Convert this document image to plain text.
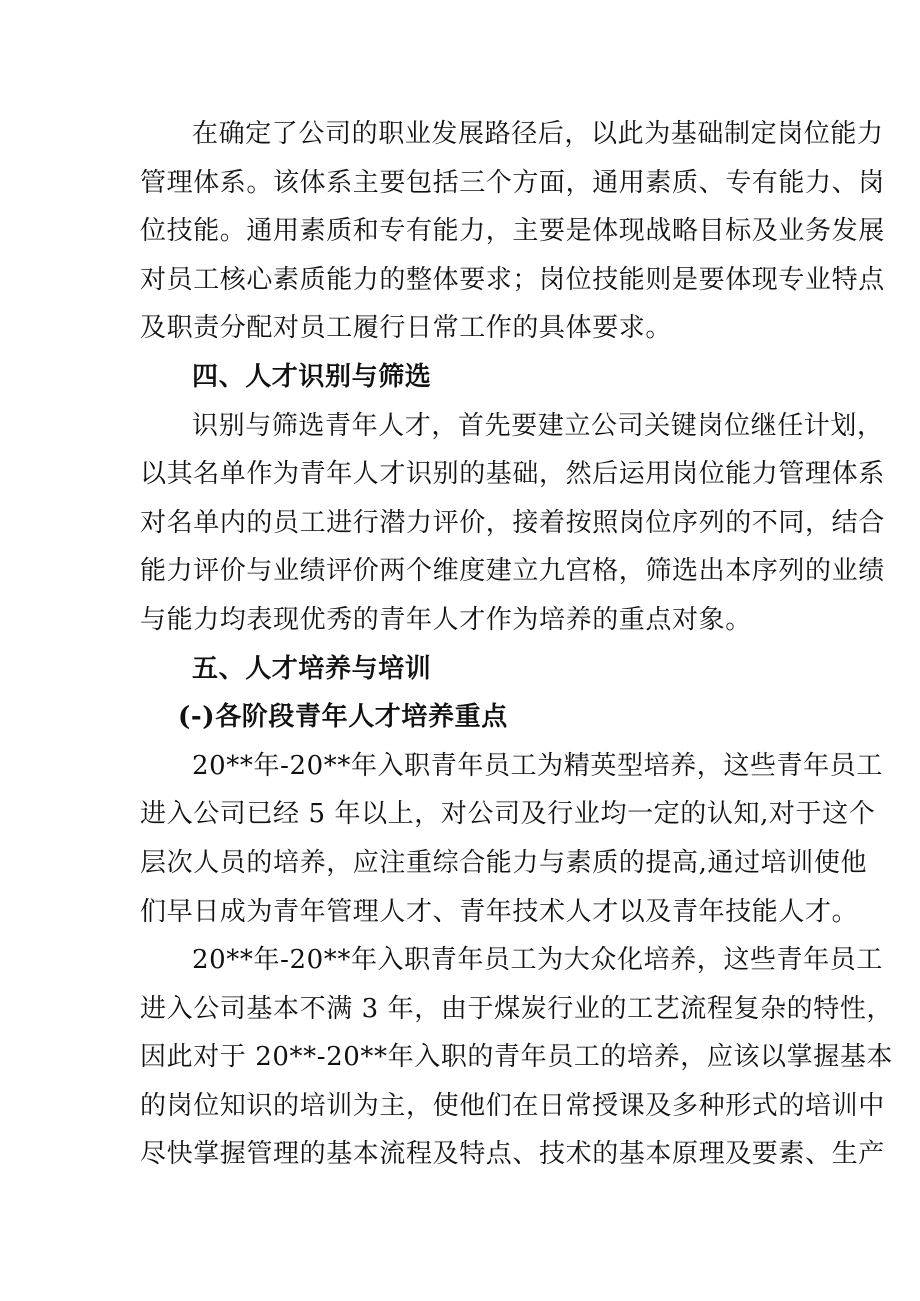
在确定了公司的职业发展路径后，以此为基础制定岗位能力
管理体系。该体系主要包括三个方面，通用素质、专有能力、岗
位技能。通用素质和专有能力，主要是体现战略目标及业务发展
对员工核心素质能力的整体要求；岗位技能则是要体现专业特点
及职责分配对员工履行日常工作的具体要求。
四、人才识别与筛选
识别与筛选青年人才，首先要建立公司关键岗位继任计划，
以其名单作为青年人才识别的基础，然后运用岗位能力管理体系
对名单内的员工进行潜力评价，接着按照岗位序列的不同，结合
能力评价与业绩评价两个维度建立九宫格，筛选出本序列的业绩
与能力均表现优秀的青年人才作为培养的重点对象。
五、人才培养与培训
(-)各阶段青年人才培养重点
20**年-20**年入职青年员工为精英型培养，这些青年员工
进入公司已经 5 年以上，对公司及行业均一定的认知,对于这个
层次人员的培养，应注重综合能力与素质的提高,通过培训使他
们早日成为青年管理人才、青年技术人才以及青年技能人才。
20**年-20**年入职青年员工为大众化培养，这些青年员工
进入公司基本不满 3 年，由于煤炭行业的工艺流程复杂的特性，
因此对于 20**-20**年入职的青年员工的培养，应该以掌握基本
的岗位知识的培训为主，使他们在日常授课及多种形式的培训中
尽快掌握管理的基本流程及特点、技术的基本原理及要素、生产
